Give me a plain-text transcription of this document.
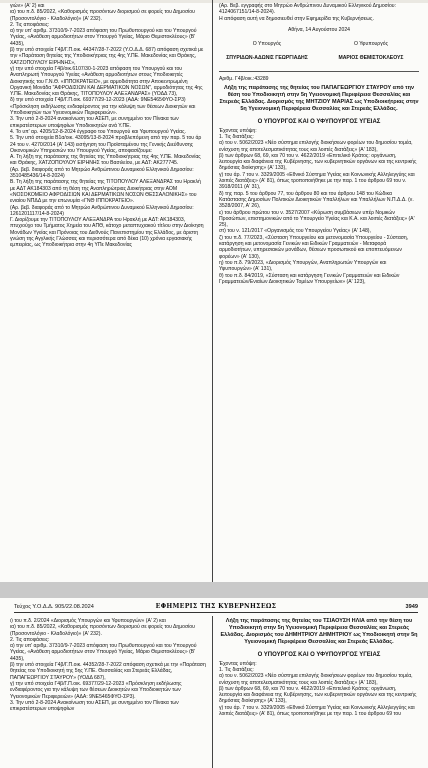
γιών» (Α' 2) και

ια) του π.δ. 85/2022, «Καθορισμός προσόντων διορισμού σε φορείς του Δημοσίου (Προσοντολόγιο - Κλαδολόγιο)» (Α' 232).

2. Τις αποφάσεις:

α) την υπ' αριθμ. 37310/9-7-2023 απόφαση του Πρωθυπουργού και του Υπουργού Υγείας, «Ανάθεση αρμοδιοτήτων στον Υπουργό Υγείας, Μάριο Θεμιστοκλέους» (Β' 4435),

β) την υπό στοιχεία Γ4β/Γ.Π.οικ. 44347/28-7-2022 (Υ.Ο.Δ.Δ. 687) απόφαση σχετικά με την «Παράταση θητείας της Υποδιοικήτριας της 4ης Υ.ΠΕ. Μακεδονίας και Θράκης, ΧΑΤΖΟΠΟΥΛΟΥ ΕΙΡΗΝΗΣ»,

γ) την υπό στοιχεία Γ4β/οικ.6107/30-1-2023 απόφαση του Υπουργού και του Αναπληρωτή Υπουργού Υγείας «Ανάθεση αρμοδιοτήτων στους Υποδιοικητές Διοικητικής του Γ.Ν.Θ. «ΙΠΠΟΚΡΑΤΕΙΟ», με αρμοδιότητα στην Αποκεντρωμένη Οργανική Μονάδα "ΑΦΡΟΔΙΣΙΩΝ ΚΑΙ ΔΕΡΜΑΤΙΚΩΝ ΝΟΣΩΝ", αρμοδιότητας της 4ης Υ.ΠΕ. Μακεδονίας και Θράκης, ΤΙΤΟΠΟΥΛΟΥ ΑΛΕΞΑΝΔΡΑΣ» (ΥΟΔΔ 73),

δ) την υπό στοιχεία Γ4β/Γ.Π.οικ. 69377/29-12-2023 (ΑΔΑ: 9ΝΕ5465ΦΥΟ-ΣΡ3) «Πρόσκληση εκδήλωσης ενδιαφέροντος για την κάλυψη των θέσεων Διοικητών και Υποδιοικητών των Υγειονομικών Περιφερειών».

3. Την υπό 2-8-2024 ανακοίνωση του ΑΣΕΠ, με συνημμένο τον Πίνακα των επικρατέστερων υποψηφίων Υποδιοικητών ανά Υ.ΠΕ.

4. Το υπ' αρ. 4205/12-8-2024 έγγραφο του Υπουργού και Υφυπουργού Υγείας.

5. Την υπό στοιχεία Β1α/οικ. 43095/13-8-2024 προβλεπόμενη από την παρ. 5 του άρ 24 του ν. 4270/2014 (Α' 143) εισήγηση του Προϊσταμένου της Γενικής Διεύθυνσης Οικονομικών Υπηρεσιών του Υπουργού Υγείας, αποφασίζουμε:

Α. Τη λήξη της παράτασης της θητείας της Υποδιοικήτριας της 4ης Υ.ΠΕ. Μακεδονίας και Θράκης, ΧΑΤΖΟΠΟΥΛΟΥ ΕΙΡΗΝΗΣ του Βασιλείου, με ΑΔΤ: ΑΚ277745.

(Αρ. βεβ. διαφοράς από το Μητρώο Ανθρώπινου Δυναμικού Ελληνικού Δημοσίου: 3510485436/14-8-2024)

Β. Τη λήξη της παράτασης της θητείας της ΤΙΤΟΠΟΥΛΟΥ ΑΛΕΞΑΝΔΡΑΣ του Ηρακλή με ΑΔΤ ΑΚ184303 από τη θέση της Αναπληρώτριας Διοικήτριας στην ΑΟΜ «ΝΟΣΟΚΟΜΕΙΟ ΑΦΡΟΔΙΣΙΩΝ ΚΑΙ ΔΕΡΜΑΤΙΚΩΝ ΝΟΣΩΝ ΘΕΣΣΑΛΟΝΙΚΗΣ» του ενιαίου ΝΠΔΔ με την επωνυμία «ΓΝΘ ΙΠΠΟΚΡΑΤΕΙΟ».

(Αρ. βεβ. διαφοράς από το Μητρώο Ανθρώπινου Δυναμικού Ελληνικού Δημοσίου: 1261201117/14-8-2024)

Γ. Διορίζουμε την ΤΙΤΟΠΟΥΛΟΥ ΑΛΕΞΑΝΔΡΑ του Ηρακλή με ΑΔΤ: ΑΚ184303, πτυχιούχο του Τμήματος Χημεία του ΑΠΘ, κάτοχο μεταπτυχιακού τίτλου στην Διοίκηση Μονάδων Υγείας και Πρόνοιας του Διεθνούς Πανεπιστημίου της Ελλάδος, με άριστη γνώση της Αγγλικής Γλώσσας και περισσότερα από δέκα (10) χρόνια εργασιακής εμπειρίας, ως Υποδιοικήτρια στην 4η ΥΠε Μακεδονίας

(Αρ. Βεβ. εγγραφής στο Μητρώο Ανθρώπινου Δυναμικού Ελληνικού Δημοσίου: 4124067151/14-8-2024).

Η απόφαση αυτή να δημοσιευθεί στην Εφημερίδα της Κυβερνήσεως.

Αθήνα, 14 Αυγούστου 2024

Ο Υπουργός	Ο Υφυπουργός
ΣΠΥΡΙΔΩΝ-ΑΔΩΝΙΣ ΓΕΩΡΓΙΑΔΗΣ	ΜΑΡΙΟΣ ΘΕΜΙΣΤΟΚΛΕΟΥΣ

Αριθμ. Γ4β/οικ.:43289

Λήξη της παράτασης της θητείας του ΠΑΠΑΓΕΩΡΓΙΟΥ ΣΤΑΥΡΟΥ από την θέση του Υποδιοικητή στην 5η Υγειονομική Περιφέρεια Θεσσαλίας και Στερεάς Ελλάδας. Διορισμός της ΜΗΤΖΙΟΥ ΜΑΡΙΑΣ ως Υποδιοικήτριας στην 5η Υγειονομική Περιφέρεια Θεσσαλίας και Στερεάς Ελλάδας.

Ο ΥΠΟΥΡΓΟΣ ΚΑΙ Ο ΥΦΥΠΟΥΡΓΟΣ ΥΓΕΙΑΣ

Έχοντας υπόψη:

1. Τις διατάξεις:

α) του ν. 5062/2023 «Νέο σύστημα επιλογής διοικήσεων φορέων του δημοσίου τομέα, ενίσχυση της αποτελεσματικότητας τους και λοιπές διατάξεις» (Α' 183),

β) των άρθρων 68, 69, και 70 του ν. 4622/2019 «Επιτελικό Κράτος: οργάνωση, λειτουργία και διαφάνεια της Κυβέρνησης, των κυβερνητικών οργάνων και της κεντρικής δημόσιας διοίκησης» (Α' 133),

γ) του άρ. 7 του ν. 3329/2005 «Εθνικό Σύστημα Υγείας και Κοινωνικής Αλληλεγγύης και λοιπές διατάξεις» (Α' 81), όπως τροποποιήθηκε με την παρ. 1 του άρθρου 69 του ν. 3918/2011 (Α' 31),

δ) της παρ. 5 του άρθρου 77, του άρθρου 80 και του άρθρου 148 του Κώδικα Κατάστασης Δημοσίων Πολιτικών Διοικητικών Υπαλλήλων και Υπαλλήλων Ν.Π.Δ.Δ. (ν. 3528/2007, Α' 26),

ε) του άρθρου πρώτου του ν. 3527/2007 «Κύρωση συμβάσεων υπέρ Νομικών Προσώπων, επιστημονικών από το Υπουργείο Υγείας και Κ.Α. και λοιπές διατάξεις» (Α' 25),

στ) του ν. 121/2017 «Οργανισμός του Υπουργείου Υγείας» (Α' 148),

ζ) του π.δ. 77/2023, «Σύσταση Υπουργείου και μετονομασία Υπουργείου - Σύσταση, κατάργηση και μετονομασία Γενικών και Ειδικών Γραμματειών - Μεταφορά αρμοδιοτήτων, υπηρεσιακών μονάδων, θέσεων προσωπικού και εποπτευόμενων φορέων» (Α' 130),

η) του π.δ. 79/2023, «Διορισμός Υπουργών, Αναπληρωτών Υπουργών και Υφυπουργών» (Α' 131),

θ) του π.δ. 84/2019, «Σύσταση και κατάργηση Γενικών Γραμματειών και Ειδικών Γραμματειών/Ενιαίων Διοικητικών Τομέων Υπουργείων» (Α' 123),

Τεύχος Υ.Ο.Δ.Δ. 905/22.08.2024	ΕΦΗΜΕΡΙΣ ΤΗΣ ΚΥΒΕΡΝΗΣΕΩΣ	3949

ι) του π.δ. 2/2024 «Διορισμός Υπουργών και Υφυπουργών» (Α' 2) και

ια) του π.δ. 85/2022, «Καθορισμός προσόντων διορισμού σε φορείς του Δημοσίου (Προσοντολόγιο - Κλαδολόγιο)» (Α' 232).

2. Τις αποφάσεις:

α) την υπ' αριθμ. 37310/9-7-2023 απόφαση του Πρωθυπουργού και του Υπουργού Υγείας, «Ανάθεση αρμοδιοτήτων στον Υπουργό Υγείας, Μάριο Θεμιστοκλέους» (Β' 4435),

β) την υπό στοιχεία Γ4β/Γ.Π.οικ. 44352/28-7-2022 απόφαση σχετικά με την «Παράταση θητείας του Υποδιοικητή της 5ης Υ.ΠΕ. Θεσσαλίας και Στερεάς Ελλάδας, ΠΑΠΑΓΕΩΡΓΙΟΥ ΣΤΑΥΡΟΥ» (ΥΟΔΔ 687),

γ) την υπό στοιχεία Γ4β/Γ.Π.οικ. 69377/29-12-2023 «Πρόσκληση εκδήλωσης ενδιαφέροντος για την κάλυψη των θέσεων Διοικητών και Υποδιοικητών των Υγειονομικών Περιφερειών» (ΑΔΑ: 9ΝΕ5465ΦΥΟ-ΣΡ3).

3. Την υπό 2-8-2024 Ανακοίνωση του ΑΣΕΠ, με συνημμένο τον Πίνακα των επικρατέστερων υποψηφίων

Λήξη της παράτασης της θητείας του ΤΣΙΑΟΥΣΗ ΗΛΙΑ από την θέση του Υποδιοικητή στην 5η Υγειονομική Περιφέρεια Θεσσαλίας και Στερεάς Ελλάδας. Διορισμός του ΔΗΜΗΤΡΙΟΥ ΔΗΜΗΤΡΙΟΥ ως Υποδιοικητή στην 5η Υγειονομική Περιφέρεια Θεσσαλίας και Στερεάς Ελλάδας.

Ο ΥΠΟΥΡΓΟΣ ΚΑΙ Ο ΥΦΥΠΟΥΡΓΟΣ ΥΓΕΙΑΣ

Έχοντας υπόψη:

1. Τις διατάξεις:

α) του ν. 5062/2023 «Νέο σύστημα επιλογής διοικήσεων φορέων του δημοσίου τομέα, ενίσχυση της αποτελεσματικότητας τους και λοιπές διατάξεις» (Α' 183),

β) των άρθρων 68, 69, και 70 του ν. 4622/2019 «Επιτελικό Κράτος: οργάνωση, λειτουργία και διαφάνεια της Κυβέρνησης, των κυβερνητικών οργάνων και της κεντρικής δημόσιας διοίκησης» (Α' 133),

γ) του άρ. 7 του ν. 3329/2005 «Εθνικό Σύστημα Υγείας και Κοινωνικής Αλληλεγγύης και λοιπές διατάξεις» (Α' 81), όπως τροποποιήθηκε με την παρ. 1 του άρθρου 69 του
